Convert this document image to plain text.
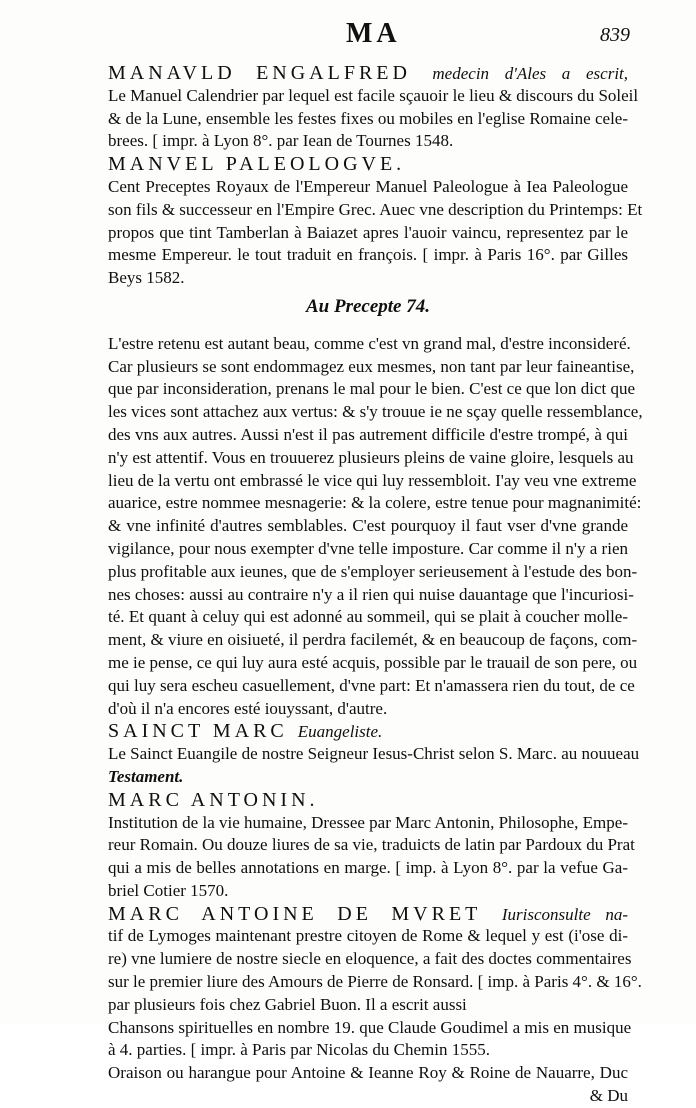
MA	839
MANAVLD ENGALFRED medecin d'Ales a escrit,
Le Manuel Calendrier par lequel est facile sçauoir le lieu & discours du Soleil
& de la Lune, ensemble les festes fixes ou mobiles en l'eglise Romaine cele-
brees. [ impr. à Lyon 8°. par Iean de Tournes 1548.
MANVEL PALEOLOGVE.
Cent Preceptes Royaux de l'Empereur Manuel Paleologue à Iea Paleologue
son fils & successeur en l'Empire Grec. Auec vne description du Printemps: Et
propos que tint Tamberlan à Baiazet apres l'auoir vaincu, representez par le
mesme Empereur. le tout traduit en françois. [ impr. à Paris 16°. par Gilles
Beys 1582.
Au Precepte 74.
L'estre retenu est autant beau, comme c'est vn grand mal, d'estre inconsideré.
Car plusieurs se sont endommagez eux mesmes, non tant par leur faineantise,
que par inconsideration, prenans le mal pour le bien. C'est ce que lon dict que
les vices sont attachez aux vertus: & s'y trouue ie ne sçay quelle ressemblance,
des vns aux autres. Aussi n'est il pas autrement difficile d'estre trompé, à qui
n'y est attentif. Vous en trouuerez plusieurs pleins de vaine gloire, lesquels au
lieu de la vertu ont embrassé le vice qui luy ressembloit. I'ay veu vne extreme
auarice, estre nommee mesnagerie: & la colere, estre tenue pour magnanimité:
& vne infinité d'autres semblables. C'est pourquoy il faut vser d'vne grande
vigilance, pour nous exempter d'vne telle imposture. Car comme il n'y a rien
plus profitable aux ieunes, que de s'employer serieusement à l'estude des bon-
nes choses: aussi au contraire n'y a il rien qui nuise dauantage que l'incuriosi-
té. Et quant à celuy qui est adonné au sommeil, qui se plait à coucher molle-
ment, & viure en oisiueté, il perdra facilemét, & en beaucoup de façons, com-
me ie pense, ce qui luy aura esté acquis, possible par le trauail de son pere, ou
qui luy sera escheu casuellement, d'vne part: Et n'amassera rien du tout, de ce
d'où il n'a encores esté iouyssant, d'autre.
SAINCT MARC Euangeliste.
Le Sainct Euangile de nostre Seigneur Iesus-Christ selon S. Marc. au nouueau
Testament.
MARC ANTONIN.
Institution de la vie humaine, Dressee par Marc Antonin, Philosophe, Empe-
reur Romain. Ou douze liures de sa vie, traduicts de latin par Pardoux du Prat
qui a mis de belles annotations en marge. [ imp. à Lyon 8°. par la vefue Ga-
briel Cotier 1570.
MARC ANTOINE DE MVRET Iurisconsulte na-
tif de Lymoges maintenant prestre citoyen de Rome & lequel y est (i'ose di-
re) vne lumiere de nostre siecle en eloquence, a fait des doctes commentaires
sur le premier liure des Amours de Pierre de Ronsard. [ imp. à Paris 4°. & 16°.
par plusieurs fois chez Gabriel Buon. Il a escrit aussi
Chansons spirituelles en nombre 19. que Claude Goudimel a mis en musique
à 4. parties. [ impr. à Paris par Nicolas du Chemin 1555.
Oraison ou harangue pour Antoine & Ieanne Roy & Roine de Nauarre, Duc
& Du
